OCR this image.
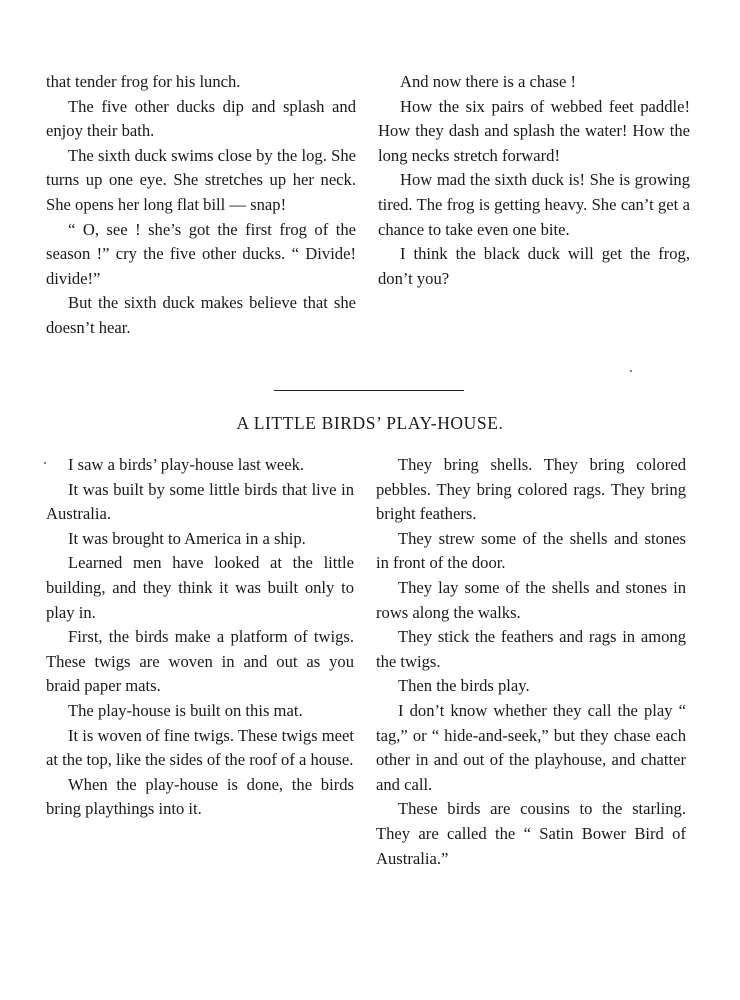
that tender frog for his lunch.

The five other ducks dip and splash and enjoy their bath.

The sixth duck swims close by the log. She turns up one eye. She stretches up her neck. She opens her long flat bill — snap!

“ O, see ! she’s got the first frog of the season !” cry the five other ducks. “ Divide! divide!”

But the sixth duck makes believe that she doesn’t hear.

And now there is a chase !

How the six pairs of webbed feet paddle! How they dash and splash the water! How the long necks stretch forward!

How mad the sixth duck is! She is growing tired. The frog is getting heavy. She can’t get a chance to take even one bite.

I think the black duck will get the frog, don’t you?

A LITTLE BIRDS’ PLAY-HOUSE.

I saw a birds’ play-house last week.

It was built by some little birds that live in Australia.

It was brought to America in a ship.

Learned men have looked at the little building, and they think it was built only to play in.

First, the birds make a platform of twigs. These twigs are woven in and out as you braid paper mats.

The play-house is built on this mat.

It is woven of fine twigs. These twigs meet at the top, like the sides of the roof of a house.

When the play-house is done, the birds bring playthings into it.

They bring shells. They bring colored pebbles. They bring colored rags. They bring bright feathers.

They strew some of the shells and stones in front of the door.

They lay some of the shells and stones in rows along the walks.

They stick the feathers and rags in among the twigs.

Then the birds play.

I don’t know whether they call the play “ tag,” or “ hide-and-seek,” but they chase each other in and out of the playhouse, and chatter and call.

These birds are cousins to the starling. They are called the “ Satin Bower Bird of Australia.”
